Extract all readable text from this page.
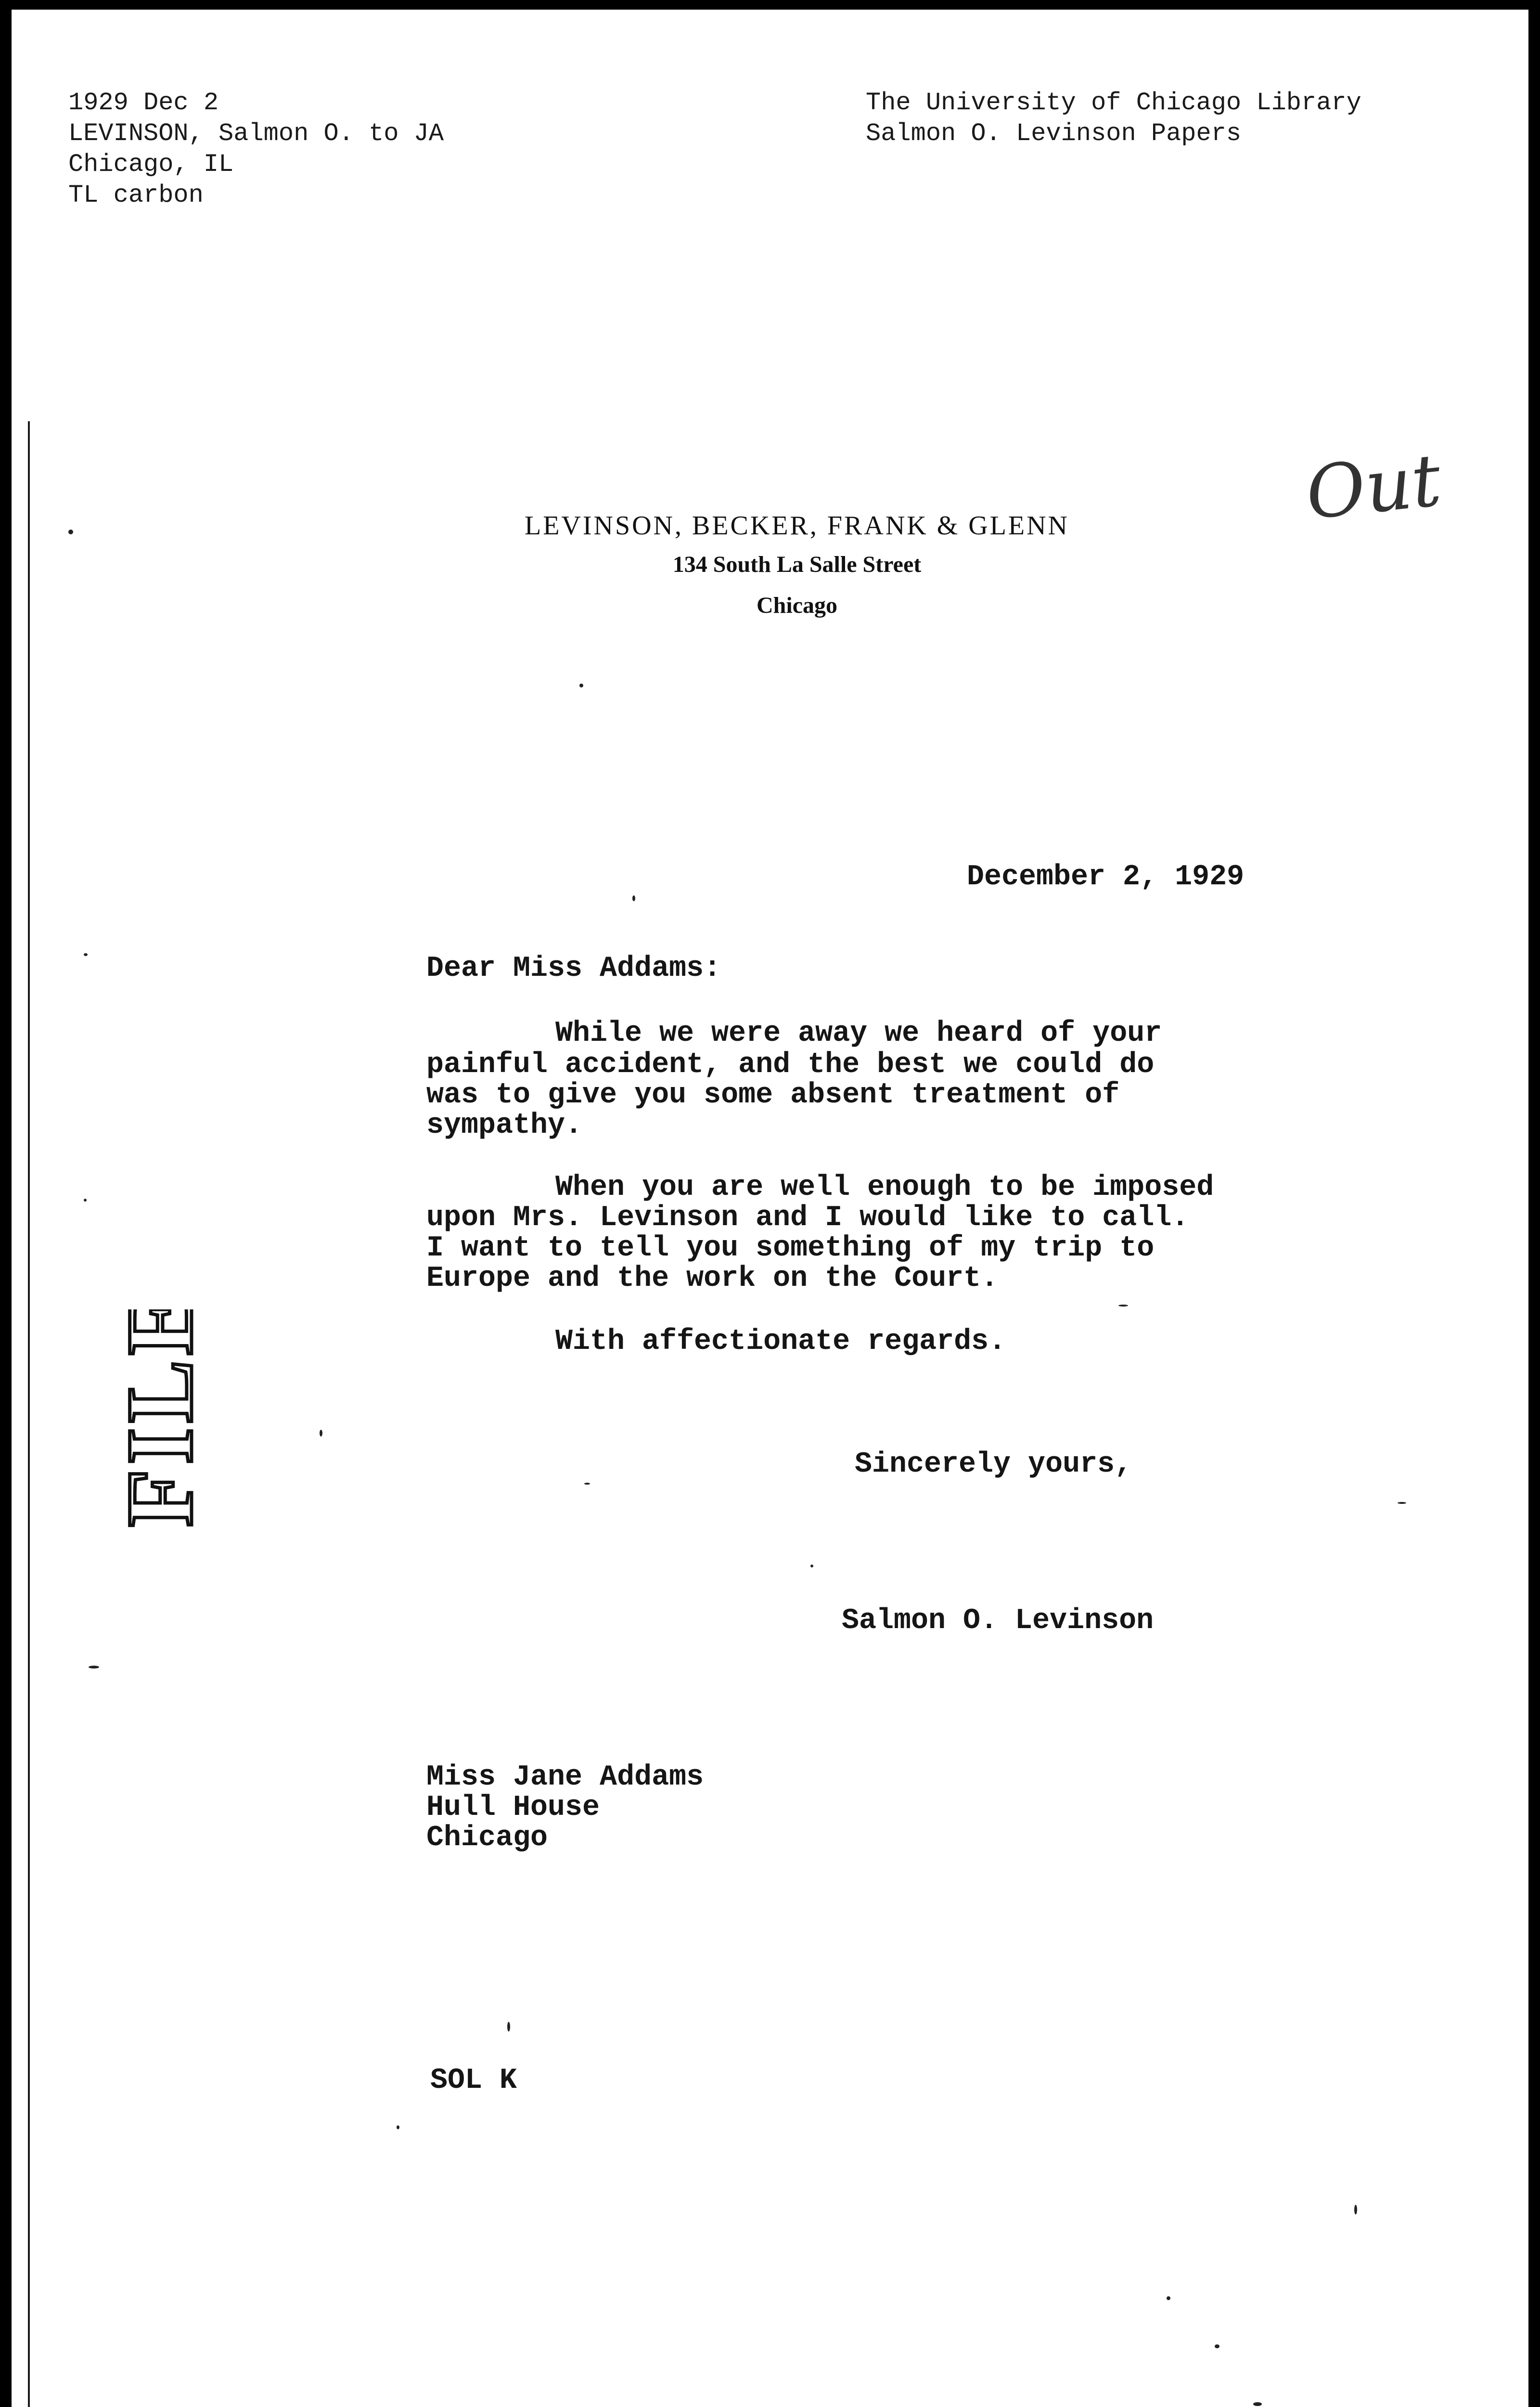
1929 Dec 2
LEVINSON, Salmon O. to JA
Chicago, IL
TL carbon
The University of Chicago Library
Salmon O. Levinson Papers
LEVINSON, BECKER, FRANK & GLENN
134 South La Salle Street
Chicago
Out
December 2, 1929
Dear Miss Addams:
While we were away we heard of your
painful accident, and the best we could do
was to give you some absent treatment of
sympathy.
When you are well enough to be imposed
upon Mrs. Levinson and I would like to call.
I want to tell you something of my trip to
Europe and the work on the Court.
With affectionate regards.
Sincerely yours,
Salmon O. Levinson
Miss Jane Addams
Hull House
Chicago
SOL K
FILE
